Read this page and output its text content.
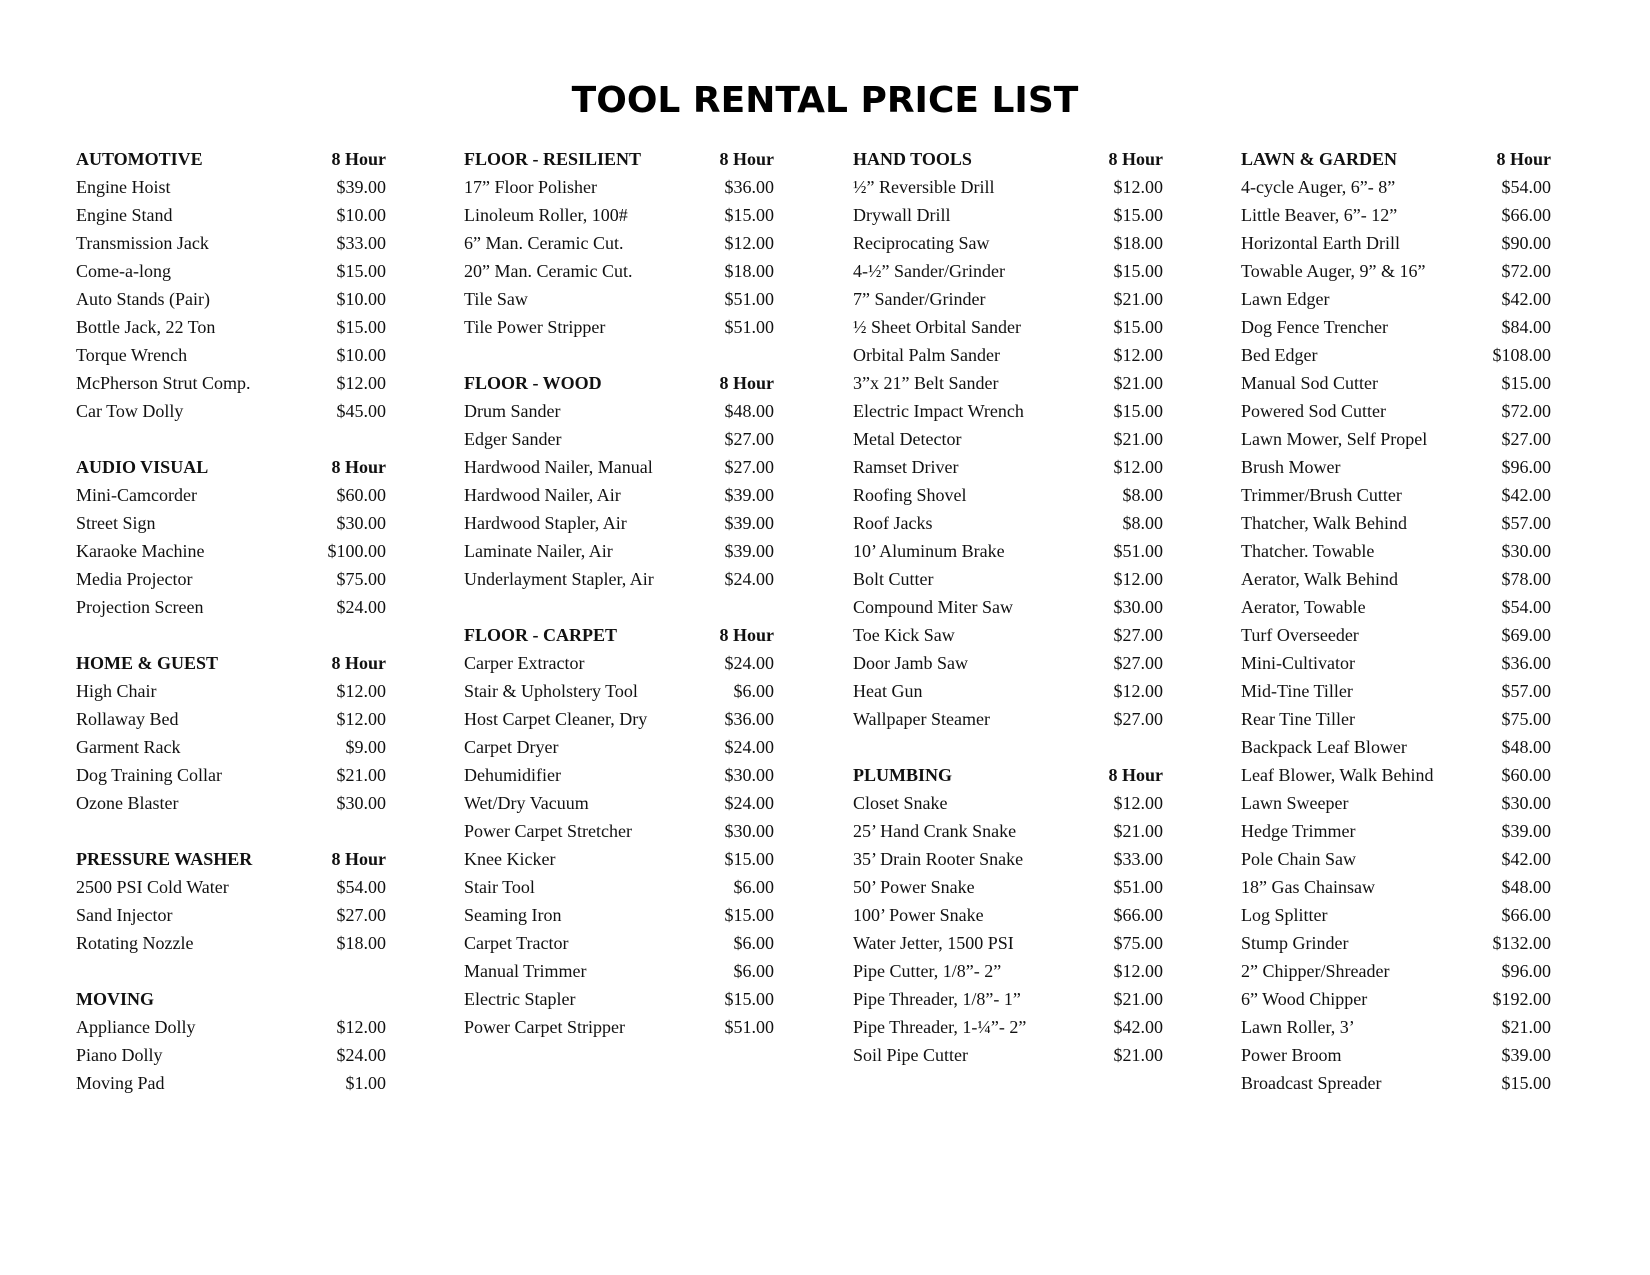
TOOL RENTAL PRICE LIST
AUTOMOTIVE	8 Hour
Engine Hoist	$39.00
Engine Stand	$10.00
Transmission Jack	$33.00
Come-a-long	$15.00
Auto Stands (Pair)	$10.00
Bottle Jack, 22 Ton	$15.00
Torque Wrench	$10.00
McPherson Strut Comp.	$12.00
Car Tow Dolly	$45.00
AUDIO VISUAL	8 Hour
Mini-Camcorder	$60.00
Street Sign	$30.00
Karaoke Machine	$100.00
Media Projector	$75.00
Projection Screen	$24.00
HOME & GUEST	8 Hour
High Chair	$12.00
Rollaway Bed	$12.00
Garment Rack	$9.00
Dog Training Collar	$21.00
Ozone Blaster	$30.00
PRESSURE WASHER	8 Hour
2500 PSI Cold Water	$54.00
Sand Injector	$27.00
Rotating Nozzle	$18.00
MOVING
Appliance Dolly	$12.00
Piano Dolly	$24.00
Moving Pad	$1.00
FLOOR - RESILIENT	8 Hour
17” Floor Polisher	$36.00
Linoleum Roller, 100#	$15.00
6” Man. Ceramic Cut.	$12.00
20” Man. Ceramic Cut.	$18.00
Tile Saw	$51.00
Tile Power Stripper	$51.00
FLOOR - WOOD	8 Hour
Drum Sander	$48.00
Edger Sander	$27.00
Hardwood Nailer, Manual	$27.00
Hardwood Nailer, Air	$39.00
Hardwood Stapler, Air	$39.00
Laminate Nailer, Air	$39.00
Underlayment Stapler, Air	$24.00
FLOOR - CARPET	8 Hour
Carper Extractor	$24.00
Stair & Upholstery Tool	$6.00
Host Carpet Cleaner, Dry	$36.00
Carpet Dryer	$24.00
Dehumidifier	$30.00
Wet/Dry Vacuum	$24.00
Power Carpet Stretcher	$30.00
Knee Kicker	$15.00
Stair Tool	$6.00
Seaming Iron	$15.00
Carpet Tractor	$6.00
Manual Trimmer	$6.00
Electric Stapler	$15.00
Power Carpet Stripper	$51.00
HAND TOOLS	8 Hour
½” Reversible Drill	$12.00
Drywall Drill	$15.00
Reciprocating Saw	$18.00
4-½” Sander/Grinder	$15.00
7” Sander/Grinder	$21.00
½ Sheet Orbital Sander	$15.00
Orbital Palm Sander	$12.00
3”x 21” Belt Sander	$21.00
Electric Impact Wrench	$15.00
Metal Detector	$21.00
Ramset Driver	$12.00
Roofing Shovel	$8.00
Roof Jacks	$8.00
10’ Aluminum Brake	$51.00
Bolt Cutter	$12.00
Compound Miter Saw	$30.00
Toe Kick Saw	$27.00
Door Jamb Saw	$27.00
Heat Gun	$12.00
Wallpaper Steamer	$27.00
PLUMBING	8 Hour
Closet Snake	$12.00
25’ Hand Crank Snake	$21.00
35’ Drain Rooter Snake	$33.00
50’ Power Snake	$51.00
100’ Power Snake	$66.00
Water Jetter, 1500 PSI	$75.00
Pipe Cutter, 1/8”- 2”	$12.00
Pipe Threader, 1/8”- 1”	$21.00
Pipe Threader, 1-¼”- 2”	$42.00
Soil Pipe Cutter	$21.00
LAWN & GARDEN	8 Hour
4-cycle Auger, 6”- 8”	$54.00
Little Beaver, 6”- 12”	$66.00
Horizontal Earth Drill	$90.00
Towable Auger, 9” & 16”	$72.00
Lawn Edger	$42.00
Dog Fence Trencher	$84.00
Bed Edger	$108.00
Manual Sod Cutter	$15.00
Powered Sod Cutter	$72.00
Lawn Mower, Self Propel	$27.00
Brush Mower	$96.00
Trimmer/Brush Cutter	$42.00
Thatcher, Walk Behind	$57.00
Thatcher. Towable	$30.00
Aerator, Walk Behind	$78.00
Aerator, Towable	$54.00
Turf Overseeder	$69.00
Mini-Cultivator	$36.00
Mid-Tine Tiller	$57.00
Rear Tine Tiller	$75.00
Backpack Leaf Blower	$48.00
Leaf Blower, Walk Behind	$60.00
Lawn Sweeper	$30.00
Hedge Trimmer	$39.00
Pole Chain Saw	$42.00
18” Gas Chainsaw	$48.00
Log Splitter	$66.00
Stump Grinder	$132.00
2” Chipper/Shreader	$96.00
6” Wood Chipper	$192.00
Lawn Roller, 3’	$21.00
Power Broom	$39.00
Broadcast Spreader	$15.00
